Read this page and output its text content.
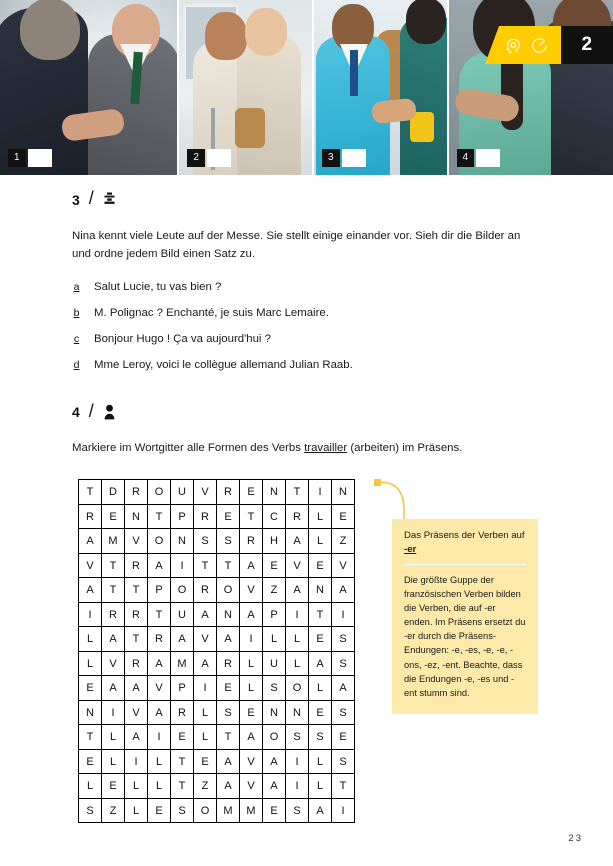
1	2	3	4
2
3 /
Nina kennt viele Leute auf der Messe. Sie stellt einige einander vor. Sieh dir die Bilder an und ordne jedem Bild einen Satz zu.
a Salut Lucie, tu vas bien ?
b M. Polignac ? Enchanté, je suis Marc Lemaire.
c Bonjour Hugo ! Ça va aujourd'hui ?
d Mme Leroy, voici le collègue allemand Julian Raab.
4 /
Markiere im Wortgitter alle Formen des Verbs travailler (arbeiten) im Präsens.
T	D	R	O	U	V	R	E	N	T	I	N
R	E	N	T	P	R	E	T	C	R	L	E
A	M	V	O	N	S	S	R	H	A	L	Z
V	T	R	A	I	T	T	A	E	V	E	V
A	T	T	P	O	R	O	V	Z	A	N	A
I	R	R	T	U	A	N	A	P	I	T	I
L	A	T	R	A	V	A	I	L	L	E	S
L	V	R	A	M	A	R	L	U	L	A	S
E	A	A	V	P	I	E	L	S	O	L	A
N	I	V	A	R	L	S	E	N	N	E	S
T	L	A	I	E	L	T	A	O	S	S	E
E	L	I	L	T	E	A	V	A	I	L	S
L	E	L	L	T	Z	A	V	A	I	L	T
S	Z	L	E	S	O	M	M	E	S	A	I
Das Präsens der Verben auf -er
Die größte Guppe der französischen Verben bilden die Verben, die auf -er enden. Im Präsens ersetzt du -er durch die Präsens-Endungen: -e, -es, -e, -e, -ons, -ez, -ent. Beachte, dass die Endungen -e, -es und -ent stumm sind.
23
